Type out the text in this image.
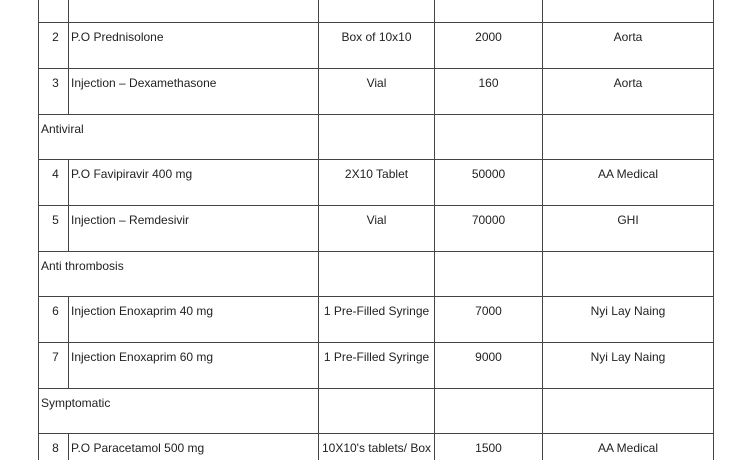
2	P.O Prednisolone	Box of 10x10	2000	Aorta

3	Injection – Dexamethasone	Vial	160	Aorta

Antiviral				

4	P.O Favipiravir 400 mg	2X10 Tablet	50000	AA Medical

5	Injection – Remdesivir	Vial	70000	GHI

Anti thrombosis				

6	Injection Enoxaprim 40 mg	1 Pre-Filled Syringe	7000	Nyi Lay Naing

7	Injection Enoxaprim 60 mg	1 Pre-Filled Syringe	9000	Nyi Lay Naing

Symptomatic				

8	P.O Paracetamol 500 mg	10X10's tablets/ Box	1500	AA Medical
